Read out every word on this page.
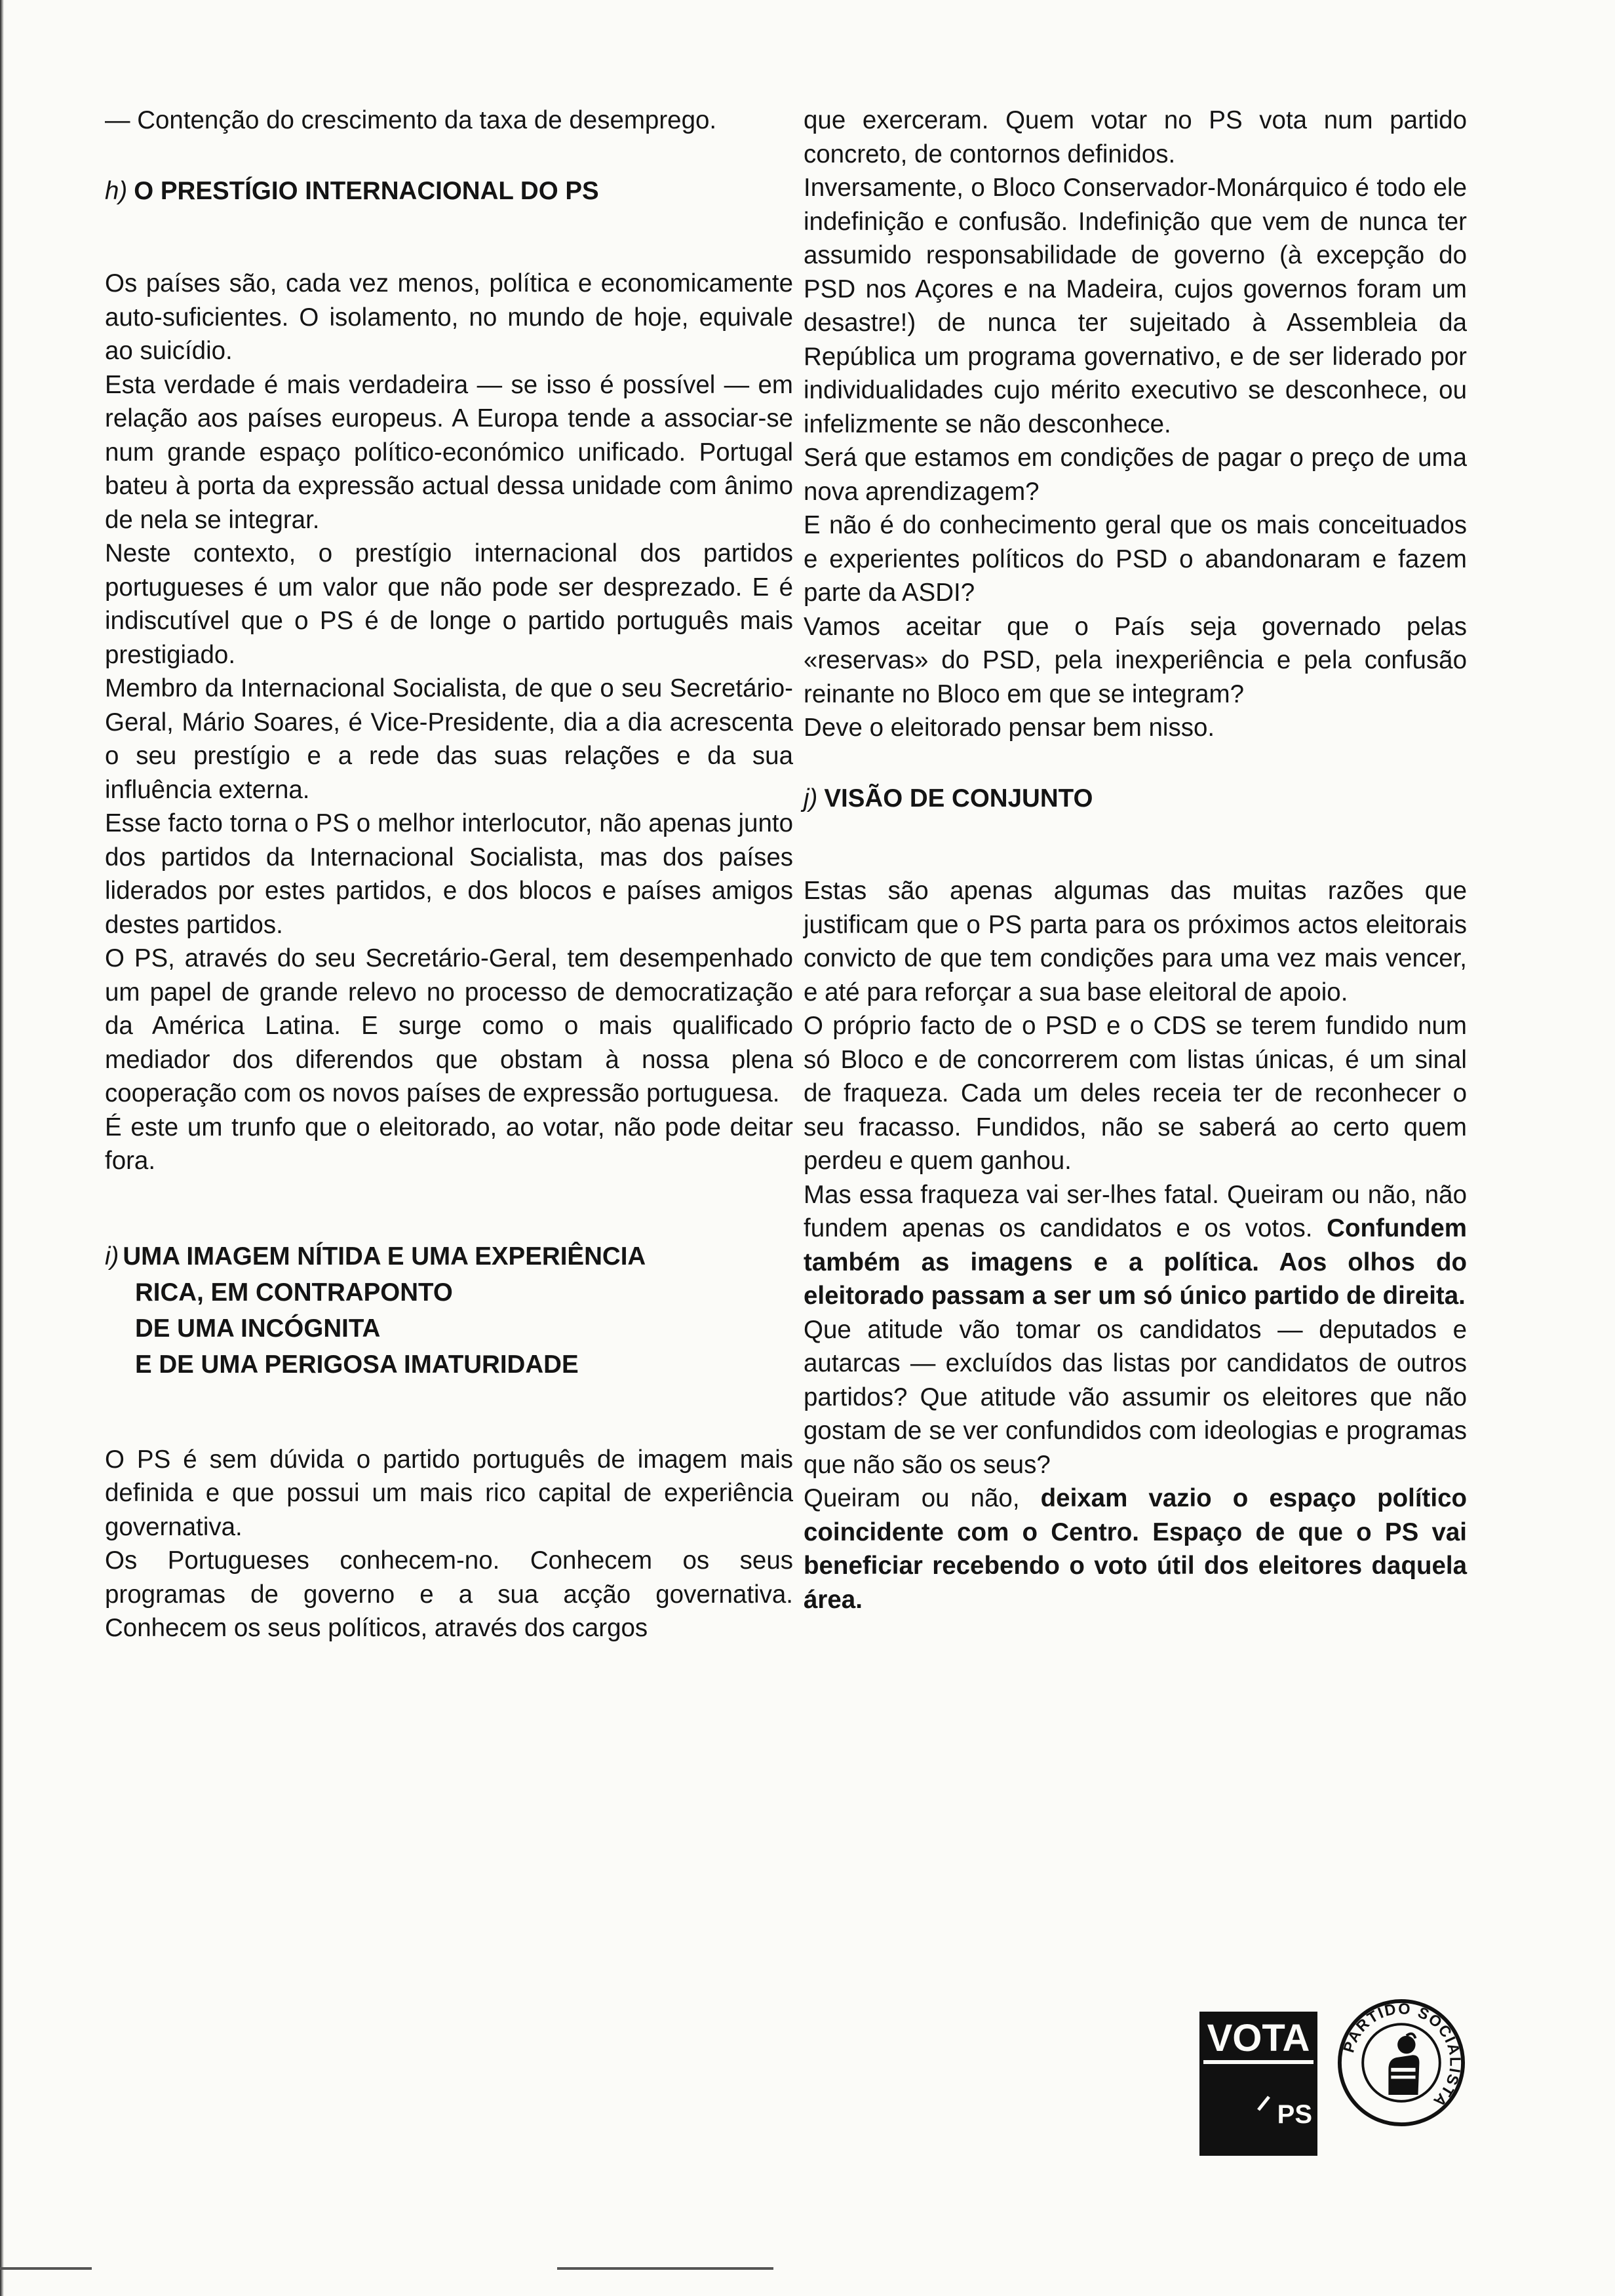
— Contenção do crescimento da taxa de desemprego.

h) O PRESTÍGIO INTERNACIONAL DO PS

Os países são, cada vez menos, política e economicamente auto-suficientes. O isolamento, no mundo de hoje, equivale ao suicídio.

Esta verdade é mais verdadeira — se isso é possível — em relação aos países europeus. A Europa tende a associar-se num grande espaço político-económico unificado. Portugal bateu à porta da expressão actual dessa unidade com ânimo de nela se integrar.

Neste contexto, o prestígio internacional dos partidos portugueses é um valor que não pode ser desprezado. E é indiscutível que o PS é de longe o partido português mais prestigiado.

Membro da Internacional Socialista, de que o seu Secretário-Geral, Mário Soares, é Vice-Presidente, dia a dia acrescenta o seu prestígio e a rede das suas relações e da sua influência externa.

Esse facto torna o PS o melhor interlocutor, não apenas junto dos partidos da Internacional Socialista, mas dos países liderados por estes partidos, e dos blocos e países amigos destes partidos.

O PS, através do seu Secretário-Geral, tem desempenhado um papel de grande relevo no processo de democratização da América Latina. E surge como o mais qualificado mediador dos diferendos que obstam à nossa plena cooperação com os novos países de expressão portuguesa.

É este um trunfo que o eleitorado, ao votar, não pode deitar fora.

i) UMA IMAGEM NÍTIDA E UMA EXPERIÊNCIA
RICA, EM CONTRAPONTO
DE UMA INCÓGNITA
E DE UMA PERIGOSA IMATURIDADE

O PS é sem dúvida o partido português de imagem mais definida e que possui um mais rico capital de experiência governativa.

Os Portugueses conhecem-no. Conhecem os seus programas de governo e a sua acção governativa. Conhecem os seus políticos, através dos cargos

que exerceram. Quem votar no PS vota num partido concreto, de contornos definidos.

Inversamente, o Bloco Conservador-Monárquico é todo ele indefinição e confusão. Indefinição que vem de nunca ter assumido responsabilidade de governo (à excepção do PSD nos Açores e na Madeira, cujos governos foram um desastre!) de nunca ter sujeitado à Assembleia da República um programa governativo, e de ser liderado por individualidades cujo mérito executivo se desconhece, ou infelizmente se não desconhece.

Será que estamos em condições de pagar o preço de uma nova aprendizagem?

E não é do conhecimento geral que os mais conceituados e experientes políticos do PSD o abandonaram e fazem parte da ASDI?

Vamos aceitar que o País seja governado pelas «reservas» do PSD, pela inexperiência e pela confusão reinante no Bloco em que se integram?

Deve o eleitorado pensar bem nisso.

j) VISÃO DE CONJUNTO

Estas são apenas algumas das muitas razões que justificam que o PS parta para os próximos actos eleitorais convicto de que tem condições para uma vez mais vencer, e até para reforçar a sua base eleitoral de apoio.

O próprio facto de o PSD e o CDS se terem fundido num só Bloco e de concorrerem com listas únicas, é um sinal de fraqueza. Cada um deles receia ter de reconhecer o seu fracasso. Fundidos, não se saberá ao certo quem perdeu e quem ganhou.

Mas essa fraqueza vai ser-lhes fatal. Queiram ou não, não fundem apenas os candidatos e os votos. Confundem também as imagens e a política. Aos olhos do eleitorado passam a ser um só único partido de direita.

Que atitude vão tomar os candidatos — deputados e autarcas — excluídos das listas por candidatos de outros partidos? Que atitude vão assumir os eleitores que não gostam de se ver confundidos com ideologias e programas que não são os seus?

Queiram ou não, deixam vazio o espaço político coincidente com o Centro. Espaço de que o PS vai beneficiar recebendo o voto útil dos eleitores daquela área.

VOTA
PS
PARTIDO SOCIALISTA
